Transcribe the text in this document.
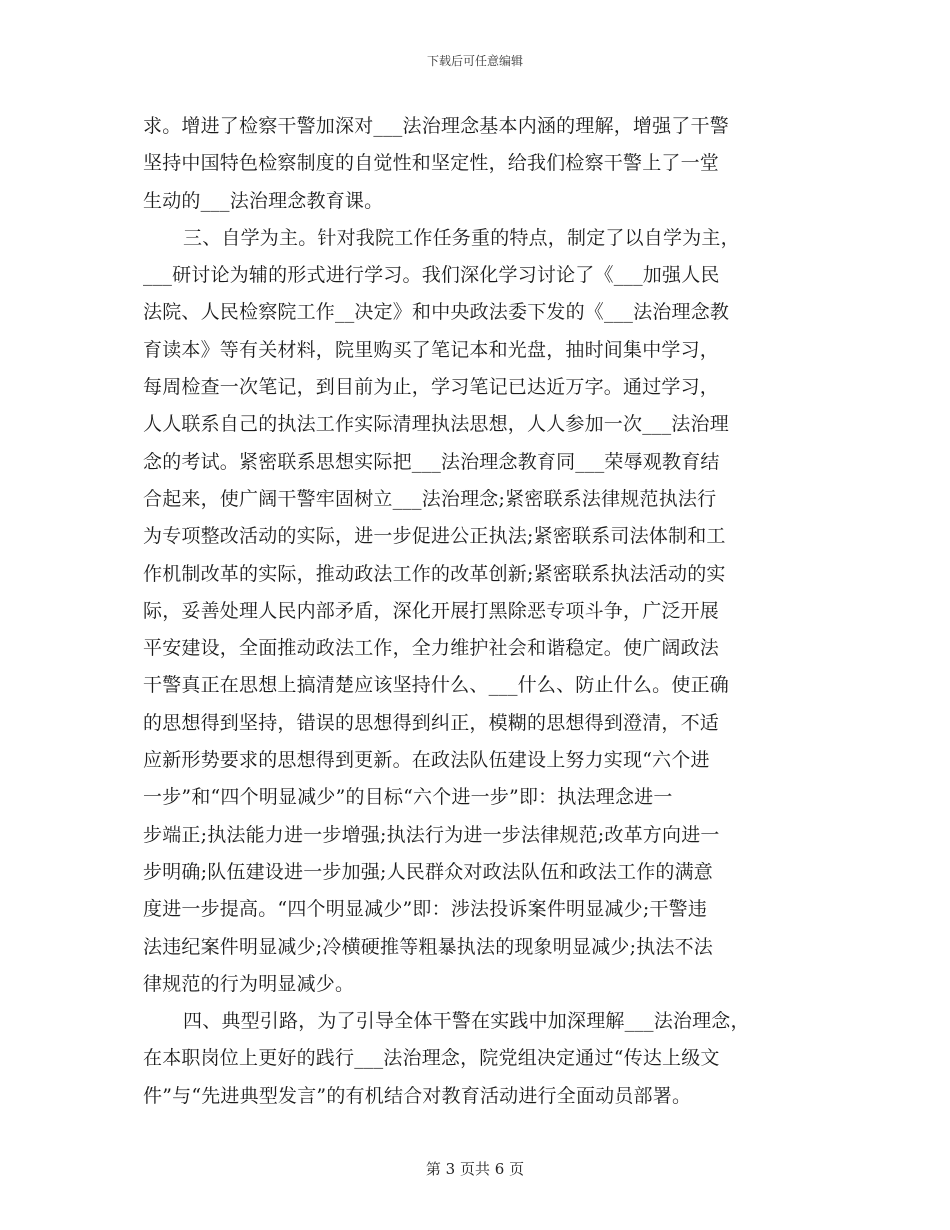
下载后可任意编辑
求。增进了检察干警加深对___法治理念基本内涵的理解，增强了干警
坚持中国特色检察制度的自觉性和坚定性，给我们检察干警上了一堂
生动的___法治理念教育课。
三、自学为主。针对我院工作任务重的特点，制定了以自学为主，
___研讨论为辅的形式进行学习。我们深化学习讨论了《___加强人民
法院、人民检察院工作__决定》和中央政法委下发的《___法治理念教
育读本》等有关材料，院里购买了笔记本和光盘，抽时间集中学习，
每周检查一次笔记，到目前为止，学习笔记已达近万字。通过学习，
人人联系自己的执法工作实际清理执法思想，人人参加一次___法治理
念的考试。紧密联系思想实际把___法治理念教育同___荣辱观教育结
合起来，使广阔干警牢固树立___法治理念;紧密联系法律规范执法行
为专项整改活动的实际，进一步促进公正执法;紧密联系司法体制和工
作机制改革的实际，推动政法工作的改革创新;紧密联系执法活动的实
际，妥善处理人民内部矛盾，深化开展打黑除恶专项斗争，广泛开展
平安建设，全面推动政法工作，全力维护社会和谐稳定。使广阔政法
干警真正在思想上搞清楚应该坚持什么、___什么、防止什么。使正确
的思想得到坚持，错误的思想得到纠正，模糊的思想得到澄清，不适
应新形势要求的思想得到更新。在政法队伍建设上努力实现“六个进
一步”和“四个明显减少”的目标“六个进一步”即：执法理念进一
步端正;执法能力进一步增强;执法行为进一步法律规范;改革方向进一
步明确;队伍建设进一步加强;人民群众对政法队伍和政法工作的满意
度进一步提高。“四个明显减少”即：涉法投诉案件明显减少;干警违
法违纪案件明显减少;冷横硬推等粗暴执法的现象明显减少;执法不法
律规范的行为明显减少。
四、典型引路，为了引导全体干警在实践中加深理解___法治理念，
在本职岗位上更好的践行___法治理念，院党组决定通过“传达上级文
件”与“先进典型发言”的有机结合对教育活动进行全面动员部署。
第 3 页共 6 页
